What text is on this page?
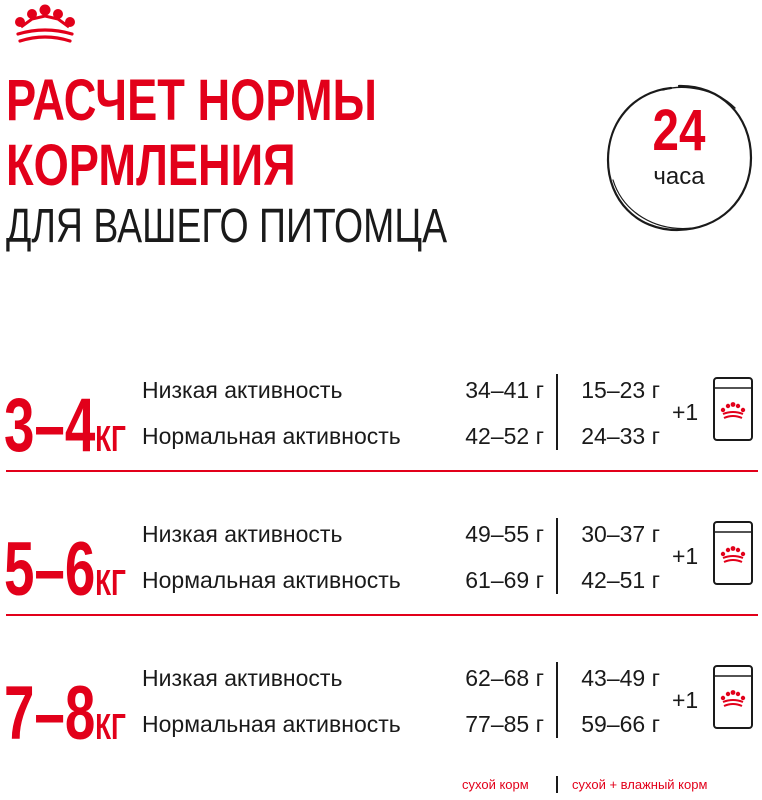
РАСЧЕТ НОРМЫ
КОРМЛЕНИЯ
ДЛЯ ВАШЕГО ПИТОМЦА
24
часа
3–4КГ
Низкая активность
Нормальная активность
34–41 г
42–52 г
15–23 г
24–33 г
+1
5–6КГ
Низкая активность
Нормальная активность
49–55 г
61–69 г
30–37 г
42–51 г
+1
7–8КГ
Низкая активность
Нормальная активность
62–68 г
77–85 г
43–49 г
59–66 г
+1
сухой корм	сухой + влажный корм
